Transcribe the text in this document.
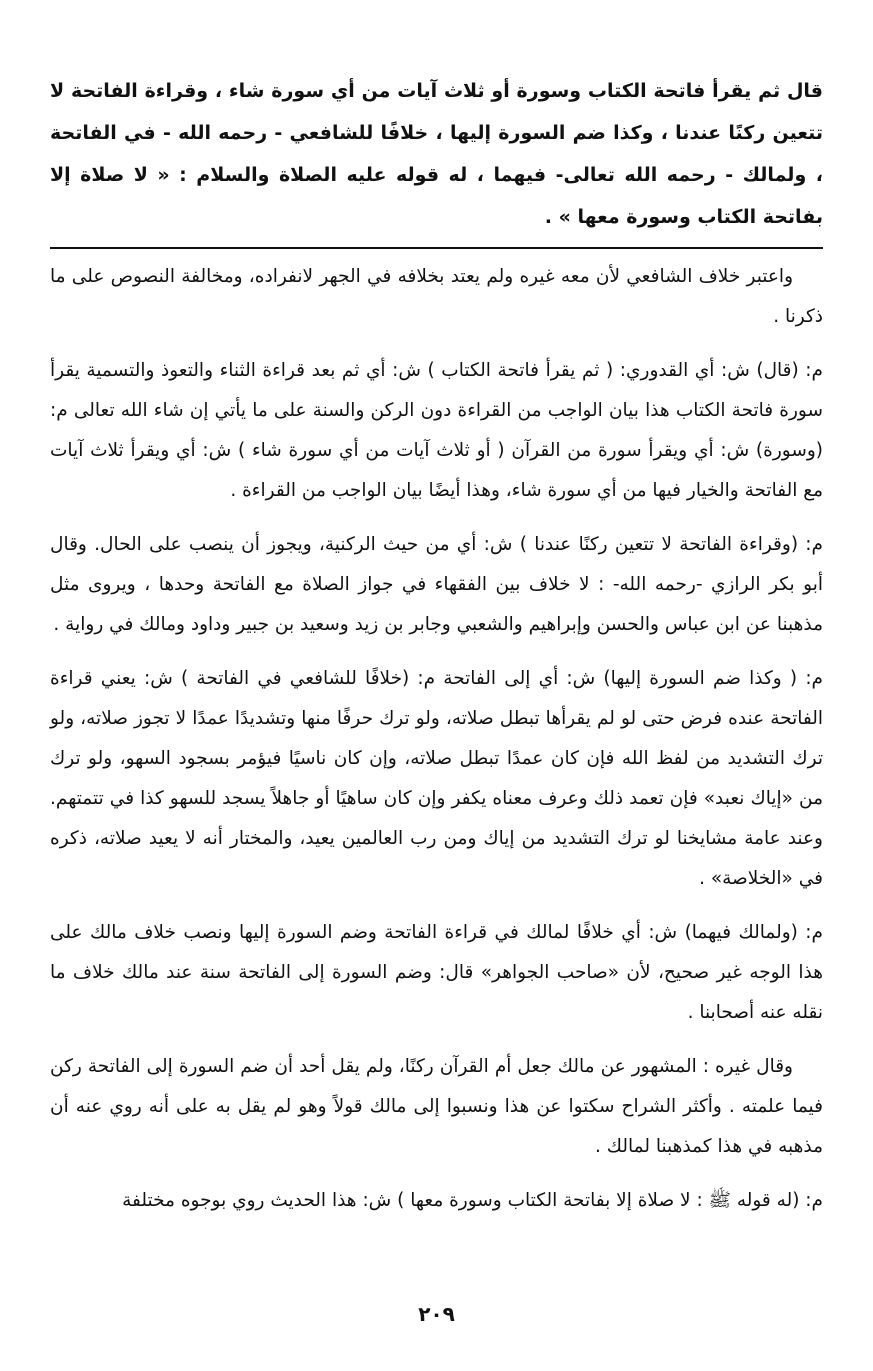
قال ثم يقرأ فاتحة الكتاب وسورة أو ثلاث آيات من أي سورة شاء ، وقراءة الفاتحة لا تتعين ركنًا عندنا ، وكذا ضم السورة إليها ، خلافًا للشافعي - رحمه الله - في الفاتحة ، ولمالك - رحمه الله تعالى- فيهما ، له قوله عليه الصلاة والسلام : « لا صلاة إلا بفاتحة الكتاب وسورة معها » .

واعتبر خلاف الشافعي لأن معه غيره ولم يعتد بخلافه في الجهر لانفراده، ومخالفة النصوص على ما ذكرنا .

م: (قال) ش: أي القدوري: ( ثم يقرأ فاتحة الكتاب ) ش: أي ثم بعد قراءة الثناء والتعوذ والتسمية يقرأ سورة فاتحة الكتاب هذا بيان الواجب من القراءة دون الركن والسنة على ما يأتي إن شاء الله تعالى م: (وسورة) ش: أي ويقرأ سورة من القرآن ( أو ثلاث آيات من أي سورة شاء ) ش: أي ويقرأ ثلاث آيات مع الفاتحة والخيار فيها من أي سورة شاء، وهذا أيضًا بيان الواجب من القراءة .

م: (وقراءة الفاتحة لا تتعين ركنًا عندنا ) ش: أي من حيث الركنية، ويجوز أن ينصب على الحال. وقال أبو بكر الرازي -رحمه الله- : لا خلاف بين الفقهاء في جواز الصلاة مع الفاتحة وحدها ، ويروى مثل مذهبنا عن ابن عباس والحسن وإبراهيم والشعبي وجابر بن زيد وسعيد بن جبير وداود ومالك في رواية .

م: ( وكذا ضم السورة إليها) ش: أي إلى الفاتحة م: (خلافًا للشافعي في الفاتحة ) ش: يعني قراءة الفاتحة عنده فرض حتى لو لم يقرأها تبطل صلاته، ولو ترك حرفًا منها وتشديدًا عمدًا لا تجوز صلاته، ولو ترك التشديد من لفظ الله فإن كان عمدًا تبطل صلاته، وإن كان ناسيًا فيؤمر بسجود السهو، ولو ترك من «إياك نعبد» فإن تعمد ذلك وعرف معناه يكفر وإن كان ساهيًا أو جاهلاً يسجد للسهو كذا في تتمتهم. وعند عامة مشايخنا لو ترك التشديد من إياك ومن رب العالمين يعيد، والمختار أنه لا يعيد صلاته، ذكره في «الخلاصة» .

م: (ولمالك فيهما) ش: أي خلافًا لمالك في قراءة الفاتحة وضم السورة إليها ونصب خلاف مالك على هذا الوجه غير صحيح، لأن «صاحب الجواهر» قال: وضم السورة إلى الفاتحة سنة عند مالك خلاف ما نقله عنه أصحابنا .

وقال غيره : المشهور عن مالك جعل أم القرآن ركنًا، ولم يقل أحد أن ضم السورة إلى الفاتحة ركن فيما علمته . وأكثر الشراح سكتوا عن هذا ونسبوا إلى مالك قولاً وهو لم يقل به على أنه روي عنه أن مذهبه في هذا كمذهبنا لمالك .

م: (له قوله ﷺ : لا صلاة إلا بفاتحة الكتاب وسورة معها ) ش: هذا الحديث روي بوجوه مختلفة

٢٠٩
